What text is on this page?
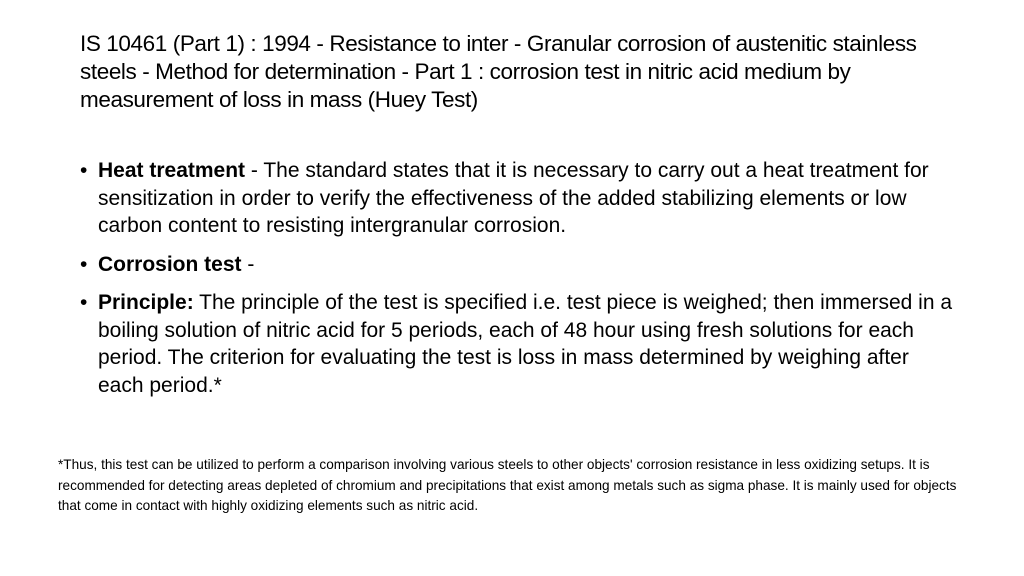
IS 10461 (Part 1) : 1994 - Resistance to inter - Granular corrosion of austenitic stainless steels - Method for determination - Part 1 : corrosion test in nitric acid medium by measurement of loss in mass (Huey Test)
• Heat treatment - The standard states that it is necessary to carry out a heat treatment for sensitization in order to verify the effectiveness of the added stabilizing elements or low carbon content to resisting intergranular corrosion.
• Corrosion test -
• Principle: The principle of the test is specified i.e. test piece is weighed; then immersed in a boiling solution of nitric acid for 5 periods, each of 48 hour using fresh solutions for each period. The criterion for evaluating the test is loss in mass determined by weighing after each period.*

*Thus, this test can be utilized to perform a comparison involving various steels to other objects' corrosion resistance in less oxidizing setups. It is recommended for detecting areas depleted of chromium and precipitations that exist among metals such as sigma phase. It is mainly used for objects that come in contact with highly oxidizing elements such as nitric acid.
